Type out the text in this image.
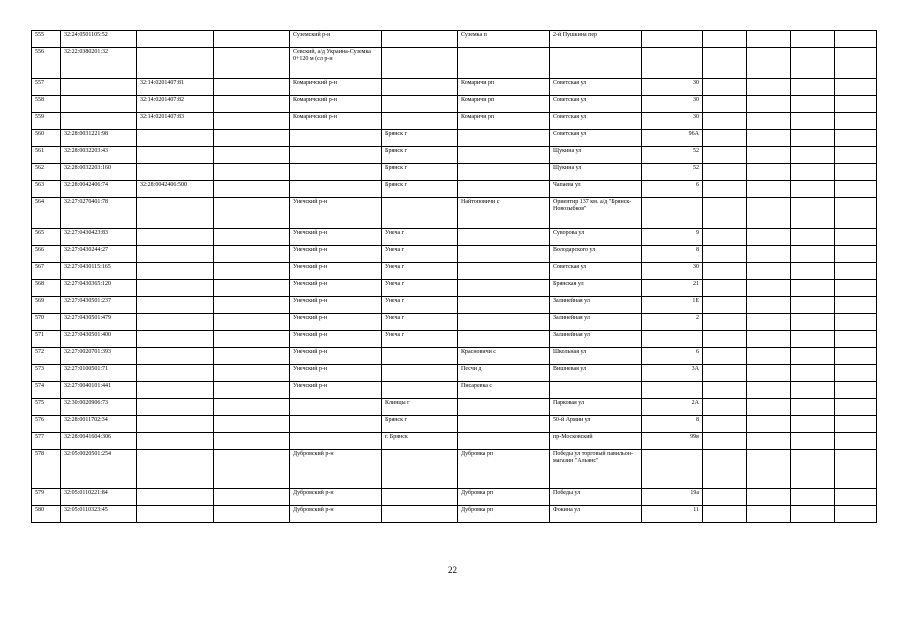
555	32:24:0501105:52			Суземский р-н		Суземка п	2-й Пушкина пер					
556	32:22:0380201:32			Севский, а/д Украина-Суземка 0+120 м (сл р-н								
557		32:14:0201407:81		Комаричский р-н		Комаричи рп	Советская ул	30				
558		32:14:0201407:82		Комаричский р-н		Комаричи рп	Советская ул	30				
559		32:14:0201407:83		Комаричский р-н		Комаричи рп	Советская ул	30				
560	32:28:0031221:98				Брянск г		Советская ул	96А				
561	32:28:0032203:43				Брянск г		Щукина ул	52				
562	32:28:0032203:160				Брянск г		Щукина ул	52				
563	32:28:0042406:74	32:28:0042406:500			Брянск г		Чапаева ул	6				
564	32:27:0270401:78			Унечский р-н		Найтоповичи с	Ориентир 137 км. а/д "Брянск-Новозыбков"					
565	32:27:0430423:83			Унечский р-н	Унеча г		Суворова ул	9				
566	32:27:0430244:27			Унечский р-н	Унеча г		Володарского ул	8				
567	32:27:0430115:165			Унечский р-н	Унеча г		Советская ул	30				
568	32:27:0430365:120			Унечский р-н	Унеча г		Брянская ул	21				
569	32:27:0430501:237			Унечский р-н	Унеча г		Залинейная ул	1Е				
570	32:27:0430501:479			Унечский р-н	Унеча г		Залинейная ул	2				
571	32:27:0430501:400			Унечский р-н	Унеча г		Залинейная ул					
572	32:27:0020701:393			Унечский р-н		Красновичи с	Школьная ул	6				
573	32:27:0100501:71			Унечский р-н		Песчи д	Вишневая ул	3А				
574	32:27:0040101:441			Унечский р-н		Писаревка с						
575	32:30:0020906:73				Клинцы г		Парковая ул	2А				
576	32:28:0011702:34				Брянск г		50-й Армии ул	8				
577	32:28:0041604:306				г. Брянск		пр-Московский	99в				
578	32:05:0020501:254			Дубровский р-н		Дубровка рп	Победы ул торговый павильон- магазин "Альянс"					
579	32:05:0110221:84			Дубровский р-н		Дубровка рп	Победы ул	19а				
580	32:05:0110323:45			Дубровский р-н		Дубровка рп	Фокина ул	11				
22
